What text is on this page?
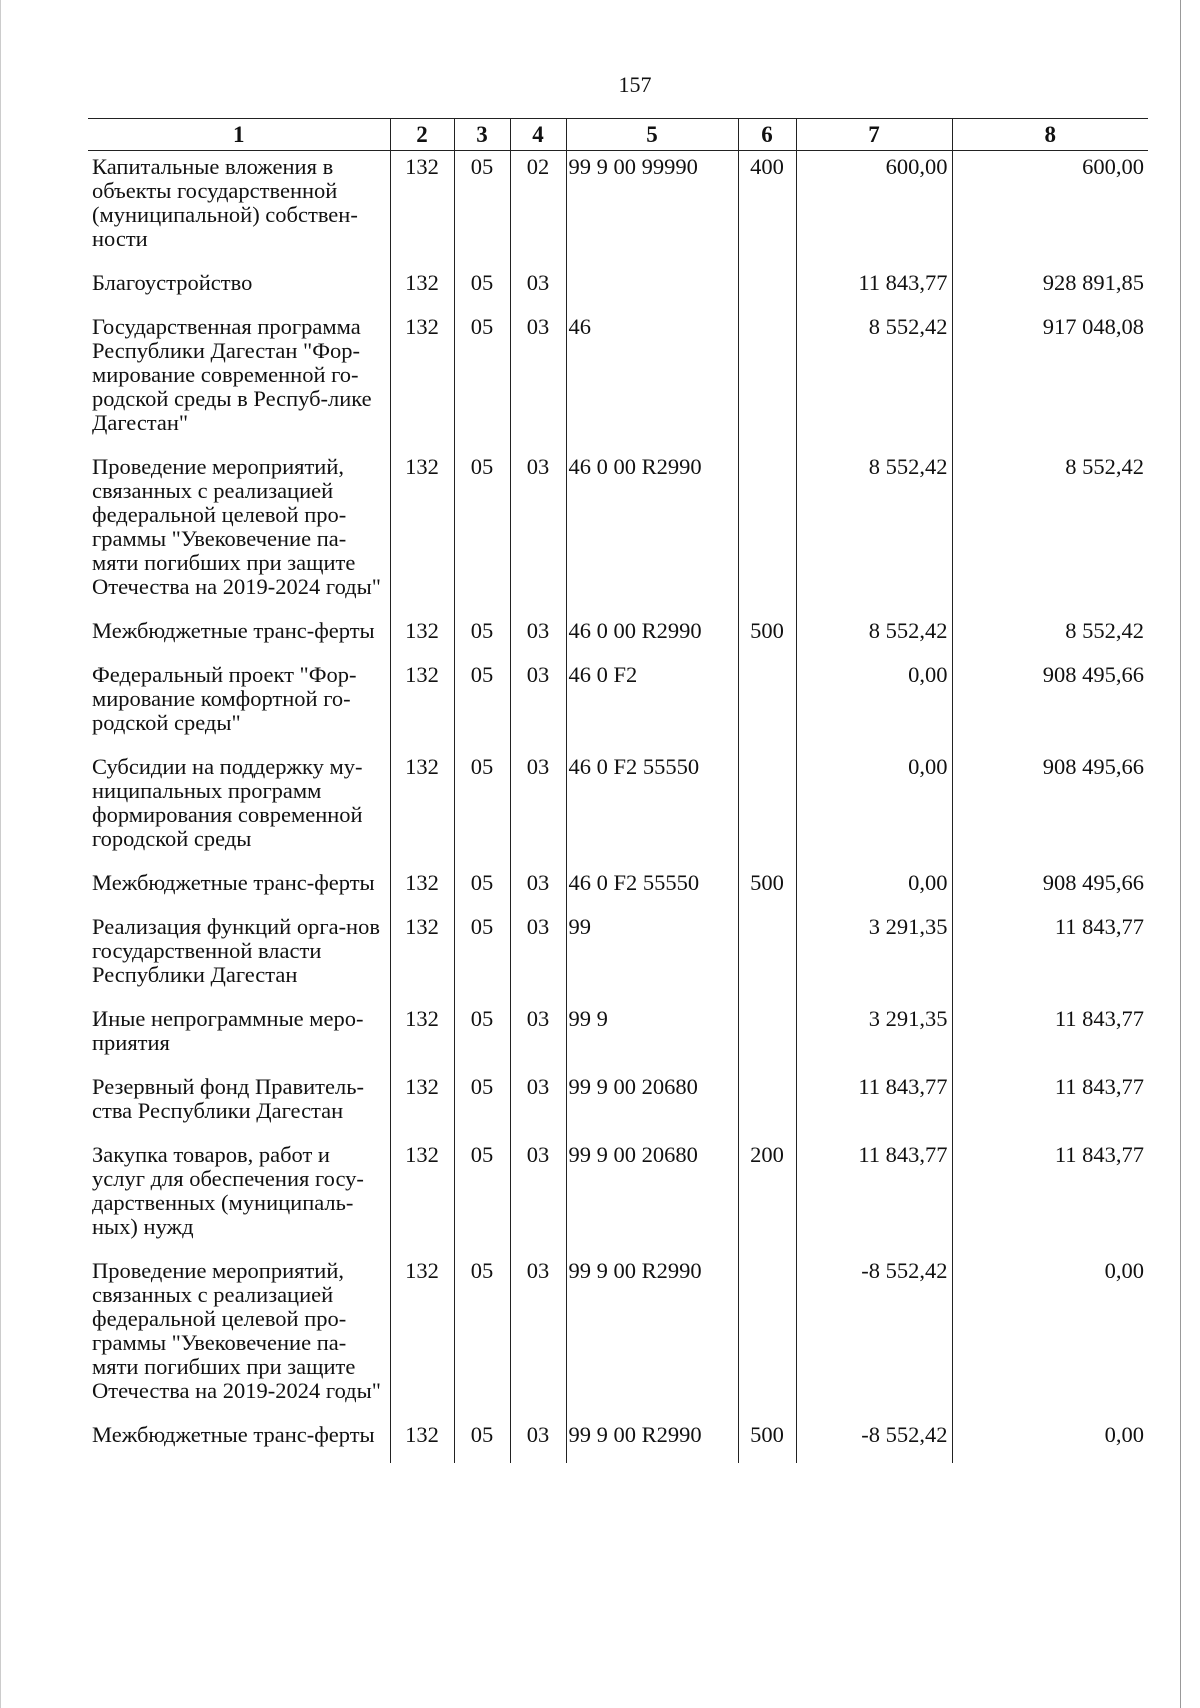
157
1	2	3	4	5	6	7	8
Капитальные вложения в объекты государственной (муниципальной) собствен-ности	132	05	02	99 9 00 99990	400	600,00	600,00
Благоустройство	132	05	03			11 843,77	928 891,85
Государственная программа Республики Дагестан "Фор-мирование современной го-родской среды в Респуб-лике Дагестан"	132	05	03	46		8 552,42	917 048,08
Проведение мероприятий, связанных с реализацией федеральной целевой про-граммы "Увековечение па-мяти погибших при защите Отечества на 2019-2024 годы"	132	05	03	46 0 00 R2990		8 552,42	8 552,42
Межбюджетные транс-ферты	132	05	03	46 0 00 R2990	500	8 552,42	8 552,42
Федеральный проект "Фор-мирование комфортной го-родской среды"	132	05	03	46 0 F2		0,00	908 495,66
Субсидии на поддержку му-ниципальных программ формирования современной городской среды	132	05	03	46 0 F2 55550		0,00	908 495,66
Межбюджетные транс-ферты	132	05	03	46 0 F2 55550	500	0,00	908 495,66
Реализация функций орга-нов государственной власти Республики Дагестан	132	05	03	99		3 291,35	11 843,77
Иные непрограммные меро-приятия	132	05	03	99 9		3 291,35	11 843,77
Резервный фонд Правитель-ства Республики Дагестан	132	05	03	99 9 00 20680		11 843,77	11 843,77
Закупка товаров, работ и услуг для обеспечения госу-дарственных (муниципаль-ных) нужд	132	05	03	99 9 00 20680	200	11 843,77	11 843,77
Проведение мероприятий, связанных с реализацией федеральной целевой про-граммы "Увековечение па-мяти погибших при защите Отечества на 2019-2024 годы"	132	05	03	99 9 00 R2990		-8 552,42	0,00
Межбюджетные транс-ферты	132	05	03	99 9 00 R2990	500	-8 552,42	0,00
